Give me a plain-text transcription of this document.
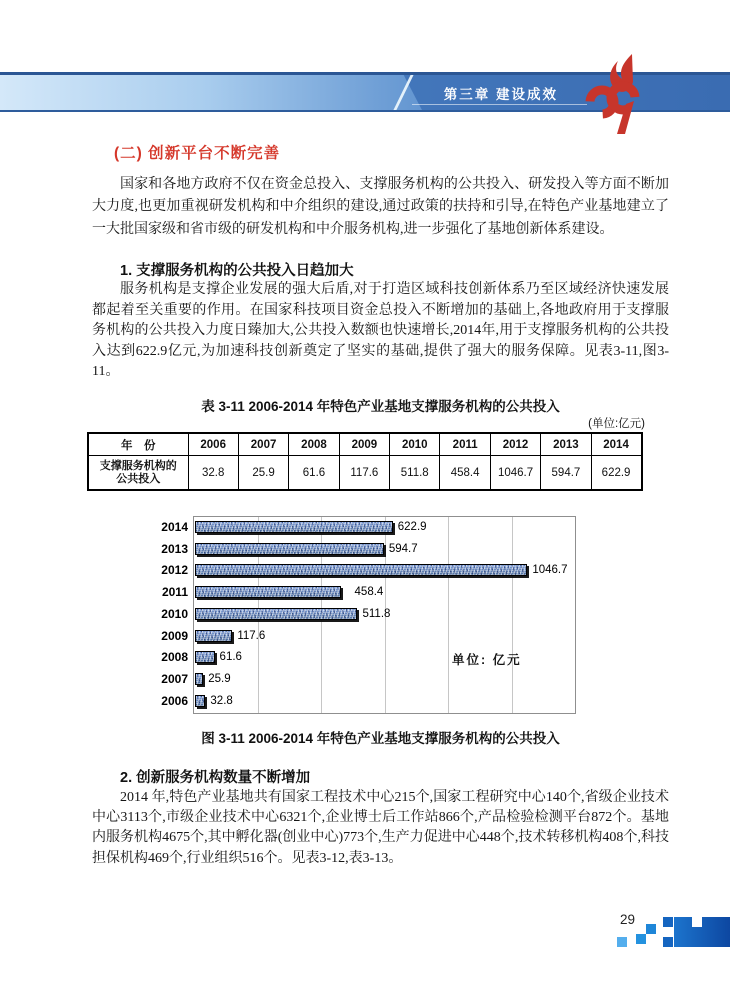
第三章 建设成效
(二) 创新平台不断完善
国家和各地方政府不仅在资金总投入、支撑服务机构的公共投入、研发投入等方面不断加大力度,也更加重视研发机构和中介组织的建设,通过政策的扶持和引导,在特色产业基地建立了一大批国家级和省市级的研发机构和中介服务机构,进一步强化了基地创新体系建设。
1. 支撑服务机构的公共投入日趋加大
服务机构是支撑企业发展的强大后盾,对于打造区域科技创新体系乃至区域经济快速发展都起着至关重要的作用。在国家科技项目资金总投入不断增加的基础上,各地政府用于支撑服务机构的公共投入力度日臻加大,公共投入数额也快速增长,2014年,用于支撑服务机构的公共投入达到622.9亿元,为加速科技创新奠定了坚实的基础,提供了强大的服务保障。见表3-11,图3-11。
表 3-11 2006-2014 年特色产业基地支撑服务机构的公共投入
(单位:亿元)
年　份	2006	2007	2008	2009	2010	2011	2012	2013	2014
支撑服务机构的
公共投入	32.8	25.9	61.6	117.6	511.8	458.4	1046.7	594.7	622.9
2014	622.9
2013	594.7
2012	1046.7
2011	458.4
2010	511.8
2009	117.6
2008	61.6
2007 25.9
2006 32.8
单位: 亿元
图 3-11 2006-2014 年特色产业基地支撑服务机构的公共投入
2. 创新服务机构数量不断增加
2014 年,特色产业基地共有国家工程技术中心215个,国家工程研究中心140个,省级企业技术中心3113个,市级企业技术中心6321个,企业博士后工作站866个,产品检验检测平台872个。基地内服务机构4675个,其中孵化器(创业中心)773个,生产力促进中心448个,技术转移机构408个,科技担保机构469个,行业组织516个。见表3-12,表3-13。
29
